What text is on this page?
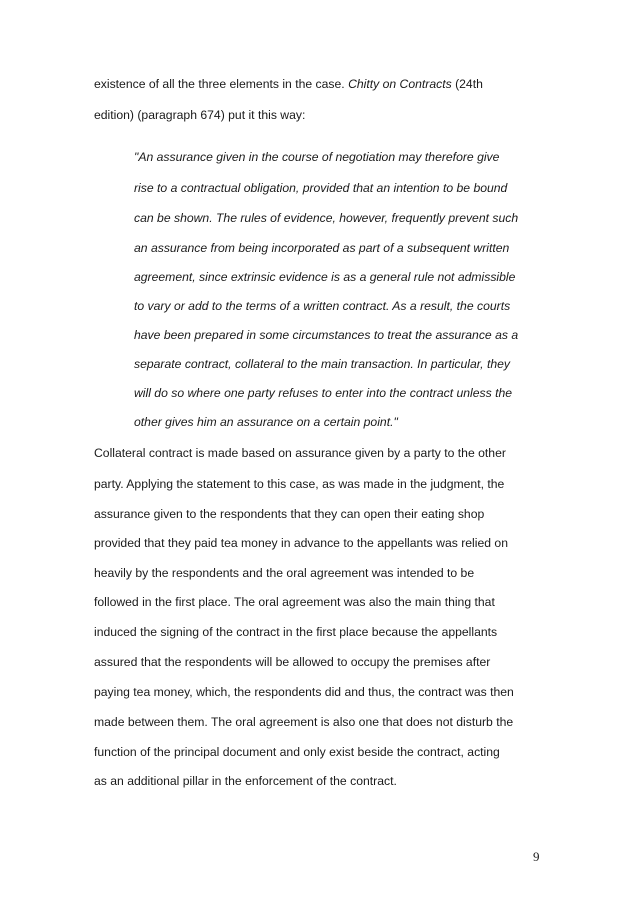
existence of all the three elements in the case. Chitty on Contracts (24th
edition) (paragraph 674) put it this way:
"An assurance given in the course of negotiation may therefore give
rise to a contractual obligation, provided that an intention to be bound
can be shown. The rules of evidence, however, frequently prevent such
an assurance from being incorporated as part of a subsequent written
agreement, since extrinsic evidence is as a general rule not admissible
to vary or add to the terms of a written contract. As a result, the courts
have been prepared in some circumstances to treat the assurance as a
separate contract, collateral to the main transaction. In particular, they
will do so where one party refuses to enter into the contract unless the
other gives him an assurance on a certain point."
Collateral contract is made based on assurance given by a party to the other
party. Applying the statement to this case, as was made in the judgment, the
assurance given to the respondents that they can open their eating shop
provided that they paid tea money in advance to the appellants was relied on
heavily by the respondents and the oral agreement was intended to be
followed in the first place. The oral agreement was also the main thing that
induced the signing of the contract in the first place because the appellants
assured that the respondents will be allowed to occupy the premises after
paying tea money, which, the respondents did and thus, the contract was then
made between them. The oral agreement is also one that does not disturb the
function of the principal document and only exist beside the contract, acting
as an additional pillar in the enforcement of the contract.
9
